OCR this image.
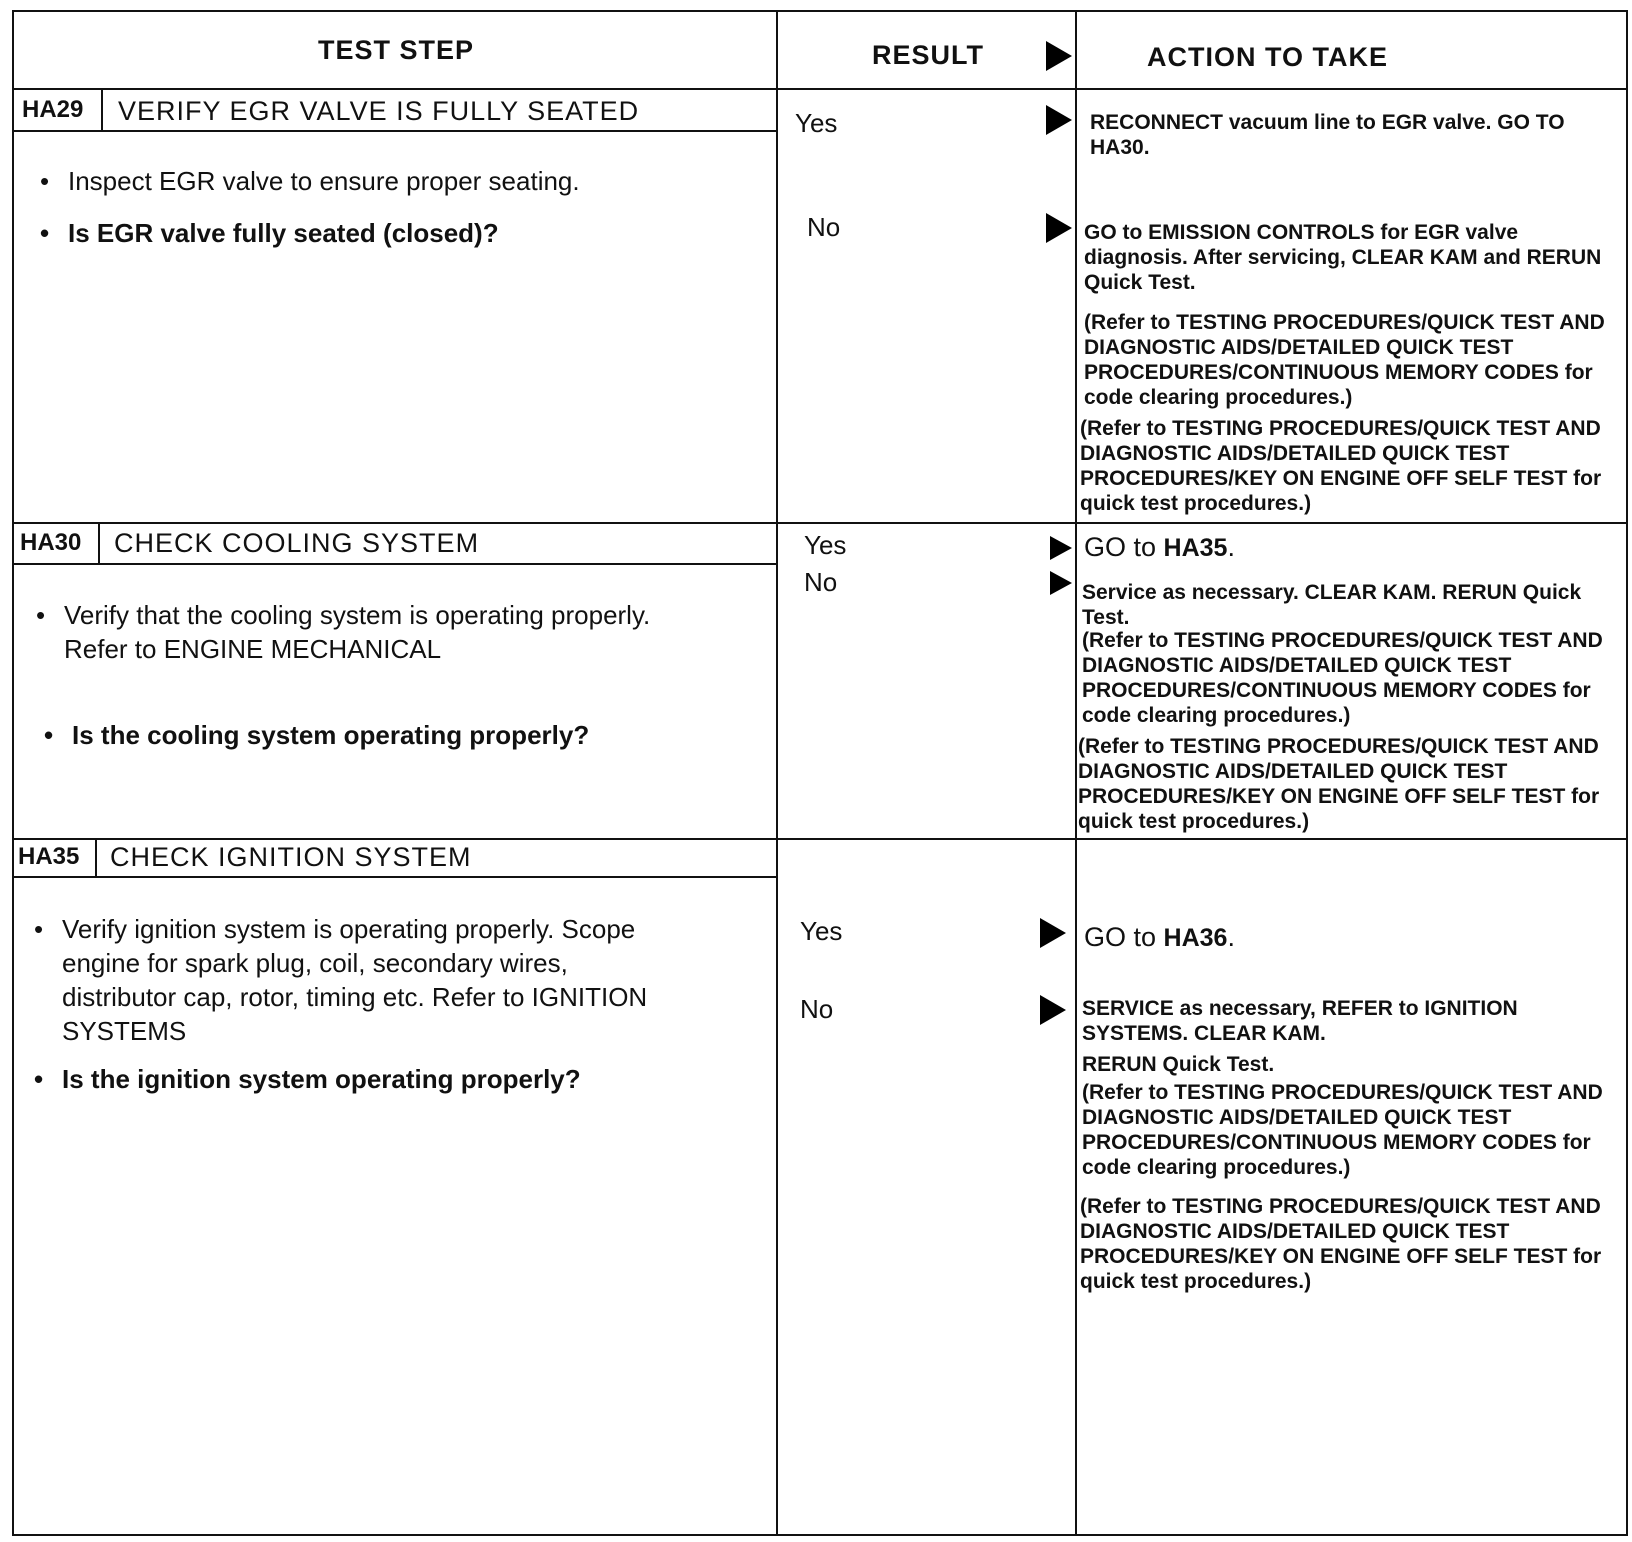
TEST STEP	RESULT	ACTION TO TAKE
HA29 VERIFY EGR VALVE IS FULLY SEATED
• Inspect EGR valve to ensure proper seating.
• Is EGR valve fully seated (closed)?
Yes	RECONNECT vacuum line to EGR valve. GO TO HA30.
No	GO to EMISSION CONTROLS for EGR valve diagnosis. After servicing, CLEAR KAM and RERUN Quick Test.
(Refer to TESTING PROCEDURES/QUICK TEST AND DIAGNOSTIC AIDS/DETAILED QUICK TEST PROCEDURES/CONTINUOUS MEMORY CODES for code clearing procedures.)
(Refer to TESTING PROCEDURES/QUICK TEST AND DIAGNOSTIC AIDS/DETAILED QUICK TEST PROCEDURES/KEY ON ENGINE OFF SELF TEST for quick test procedures.)
HA30 CHECK COOLING SYSTEM
• Verify that the cooling system is operating properly. Refer to ENGINE MECHANICAL
• Is the cooling system operating properly?
Yes	GO to HA35.
No	Service as necessary. CLEAR KAM. RERUN Quick Test.
(Refer to TESTING PROCEDURES/QUICK TEST AND DIAGNOSTIC AIDS/DETAILED QUICK TEST PROCEDURES/CONTINUOUS MEMORY CODES for code clearing procedures.)
(Refer to TESTING PROCEDURES/QUICK TEST AND DIAGNOSTIC AIDS/DETAILED QUICK TEST PROCEDURES/KEY ON ENGINE OFF SELF TEST for quick test procedures.)
HA35 CHECK IGNITION SYSTEM
• Verify ignition system is operating properly. Scope engine for spark plug, coil, secondary wires, distributor cap, rotor, timing etc. Refer to IGNITION SYSTEMS
• Is the ignition system operating properly?
Yes	GO to HA36.
No	SERVICE as necessary, REFER to IGNITION SYSTEMS. CLEAR KAM.
RERUN Quick Test.
(Refer to TESTING PROCEDURES/QUICK TEST AND DIAGNOSTIC AIDS/DETAILED QUICK TEST PROCEDURES/CONTINUOUS MEMORY CODES for code clearing procedures.)
(Refer to TESTING PROCEDURES/QUICK TEST AND DIAGNOSTIC AIDS/DETAILED QUICK TEST PROCEDURES/KEY ON ENGINE OFF SELF TEST for quick test procedures.)
